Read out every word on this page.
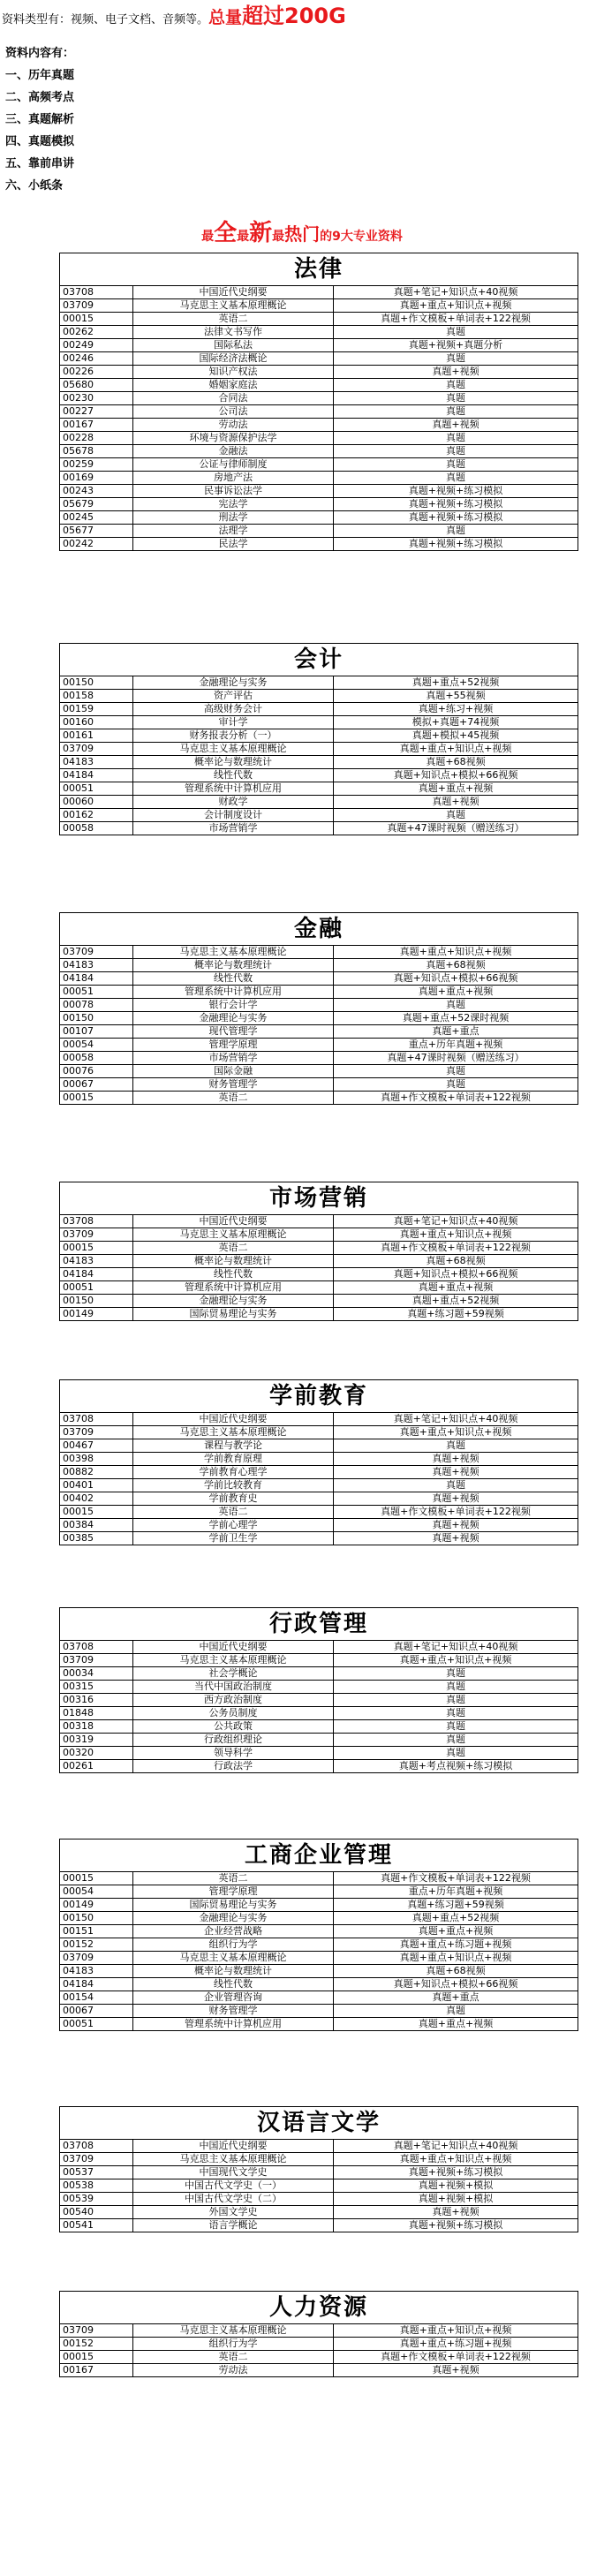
资料类型有：视频、电子文档、音频等。总量超过200G
资料内容有：
一、历年真题
二、高频考点
三、真题解析
四、真题模拟
五、靠前串讲
六、小纸条
最全最新最热门的9大专业资料
法律
03708	中国近代史纲要	真题+笔记+知识点+40视频
03709	马克思主义基本原理概论	真题+重点+知识点+视频
00015	英语二	真题+作文模板+单词表+122视频
00262	法律文书写作	真题
00249	国际私法	真题+视频+真题分析
00246	国际经济法概论	真题
00226	知识产权法	真题+视频
05680	婚姻家庭法	真题
00230	合同法	真题
00227	公司法	真题
00167	劳动法	真题+视频
00228	环境与资源保护法学	真题
05678	金融法	真题
00259	公证与律师制度	真题
00169	房地产法	真题
00243	民事诉讼法学	真题+视频+练习模拟
05679	宪法学	真题+视频+练习模拟
00245	刑法学	真题+视频+练习模拟
05677	法理学	真题
00242	民法学	真题+视频+练习模拟
会计
00150	金融理论与实务	真题+重点+52视频
00158	资产评估	真题+55视频
00159	高级财务会计	真题+练习+视频
00160	审计学	模拟+真题+74视频
00161	财务报表分析（一）	真题+模拟+45视频
03709	马克思主义基本原理概论	真题+重点+知识点+视频
04183	概率论与数理统计	真题+68视频
04184	线性代数	真题+知识点+模拟+66视频
00051	管理系统中计算机应用	真题+重点+视频
00060	财政学	真题+视频
00162	会计制度设计	真题
00058	市场营销学	真题+47课时视频（赠送练习）
金融
03709	马克思主义基本原理概论	真题+重点+知识点+视频
04183	概率论与数理统计	真题+68视频
04184	线性代数	真题+知识点+模拟+66视频
00051	管理系统中计算机应用	真题+重点+视频
00078	银行会计学	真题
00150	金融理论与实务	真题+重点+52课时视频
00107	现代管理学	真题+重点
00054	管理学原理	重点+历年真题+视频
00058	市场营销学	真题+47课时视频（赠送练习）
00076	国际金融	真题
00067	财务管理学	真题
00015	英语二	真题+作文模板+单词表+122视频
市场营销
03708	中国近代史纲要	真题+笔记+知识点+40视频
03709	马克思主义基本原理概论	真题+重点+知识点+视频
00015	英语二	真题+作文模板+单词表+122视频
04183	概率论与数理统计	真题+68视频
04184	线性代数	真题+知识点+模拟+66视频
00051	管理系统中计算机应用	真题+重点+视频
00150	金融理论与实务	真题+重点+52视频
00149	国际贸易理论与实务	真题+练习题+59视频
学前教育
03708	中国近代史纲要	真题+笔记+知识点+40视频
03709	马克思主义基本原理概论	真题+重点+知识点+视频
00467	课程与教学论	真题
00398	学前教育原理	真题+视频
00882	学前教育心理学	真题+视频
00401	学前比较教育	真题
00402	学前教育史	真题+视频
00015	英语二	真题+作文模板+单词表+122视频
00384	学前心理学	真题+视频
00385	学前卫生学	真题+视频
行政管理
03708	中国近代史纲要	真题+笔记+知识点+40视频
03709	马克思主义基本原理概论	真题+重点+知识点+视频
00034	社会学概论	真题
00315	当代中国政治制度	真题
00316	西方政治制度	真题
01848	公务员制度	真题
00318	公共政策	真题
00319	行政组织理论	真题
00320	领导科学	真题
00261	行政法学	真题+考点视频+练习模拟
工商企业管理
00015	英语二	真题+作文模板+单词表+122视频
00054	管理学原理	重点+历年真题+视频
00149	国际贸易理论与实务	真题+练习题+59视频
00150	金融理论与实务	真题+重点+52视频
00151	企业经营战略	真题+重点+视频
00152	组织行为学	真题+重点+练习题+视频
03709	马克思主义基本原理概论	真题+重点+知识点+视频
04183	概率论与数理统计	真题+68视频
04184	线性代数	真题+知识点+模拟+66视频
00154	企业管理咨询	真题+重点
00067	财务管理学	真题
00051	管理系统中计算机应用	真题+重点+视频
汉语言文学
03708	中国近代史纲要	真题+笔记+知识点+40视频
03709	马克思主义基本原理概论	真题+重点+知识点+视频
00537	中国现代文学史	真题+视频+练习模拟
00538	中国古代文学史（一）	真题+视频+模拟
00539	中国古代文学史（二）	真题+视频+模拟
00540	外国文学史	真题+视频
00541	语言学概论	真题+视频+练习模拟
人力资源
03709	马克思主义基本原理概论	真题+重点+知识点+视频
00152	组织行为学	真题+重点+练习题+视频
00015	英语二	真题+作文模板+单词表+122视频
00167	劳动法	真题+视频
